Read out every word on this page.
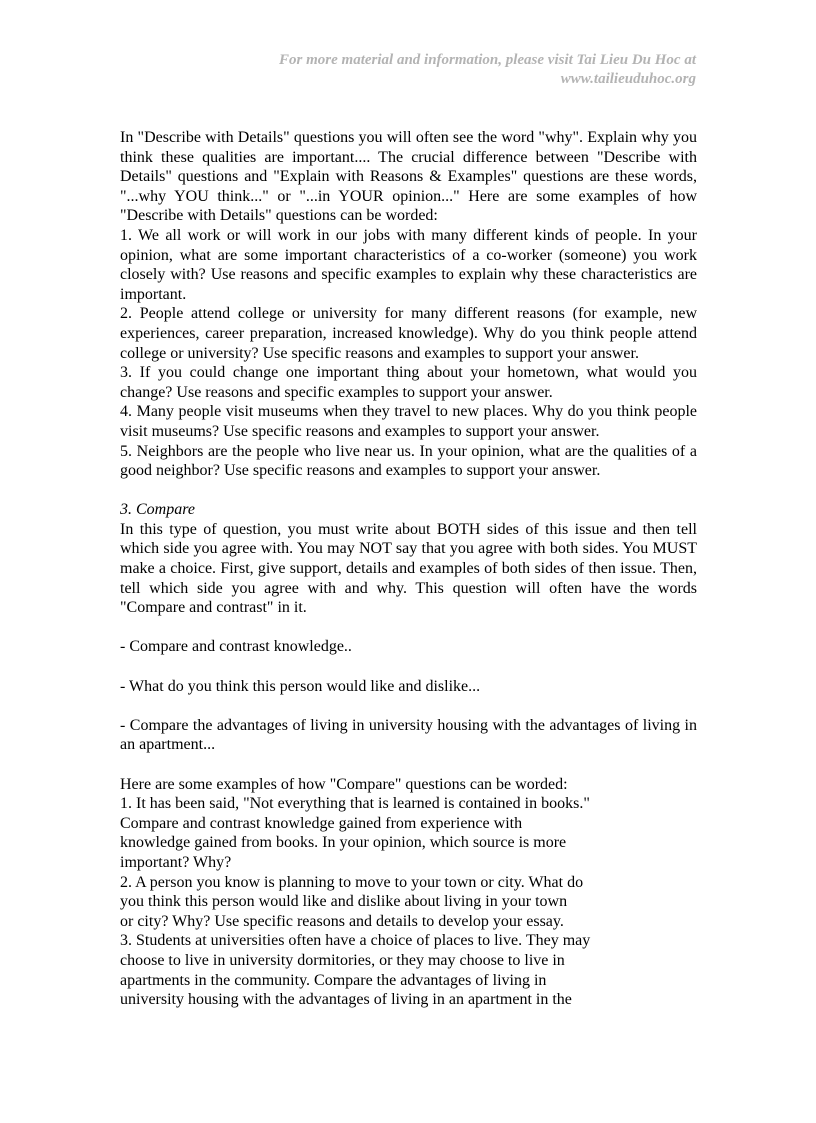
For more material and information, please visit Tai Lieu Du Hoc at
www.tailieuduhoc.org

In "Describe with Details" questions you will often see the word "why". Explain why you think these qualities are important.... The crucial difference between "Describe with Details" questions and "Explain with Reasons & Examples" questions are these words, "...why YOU think..." or "...in YOUR opinion..." Here are some examples of how "Describe with Details" questions can be worded:

1. We all work or will work in our jobs with many different kinds of people. In your opinion, what are some important characteristics of a co-worker (someone) you work closely with? Use reasons and specific examples to explain why these characteristics are important.

2. People attend college or university for many different reasons (for example, new experiences, career preparation, increased knowledge). Why do you think people attend college or university? Use specific reasons and examples to support your answer.

3. If you could change one important thing about your hometown, what would you change? Use reasons and specific examples to support your answer.

4. Many people visit museums when they travel to new places. Why do you think people visit museums? Use specific reasons and examples to support your answer.

5. Neighbors are the people who live near us. In your opinion, what are the qualities of a good neighbor? Use specific reasons and examples to support your answer.

3. Compare

In this type of question, you must write about BOTH sides of this issue and then tell which side you agree with. You may NOT say that you agree with both sides. You MUST make a choice. First, give support, details and examples of both sides of then issue. Then, tell which side you agree with and why. This question will often have the words "Compare and contrast" in it.

- Compare and contrast knowledge..

- What do you think this person would like and dislike...

- Compare the advantages of living in university housing with the advantages of living in an apartment...

Here are some examples of how "Compare" questions can be worded:

1. It has been said, "Not everything that is learned is contained in books."
Compare and contrast knowledge gained from experience with
knowledge gained from books. In your opinion, which source is more
important? Why?
2. A person you know is planning to move to your town or city. What do
you think this person would like and dislike about living in your town
or city? Why? Use specific reasons and details to develop your essay.
3. Students at universities often have a choice of places to live. They may
choose to live in university dormitories, or they may choose to live in
apartments in the community. Compare the advantages of living in
university housing with the advantages of living in an apartment in the
